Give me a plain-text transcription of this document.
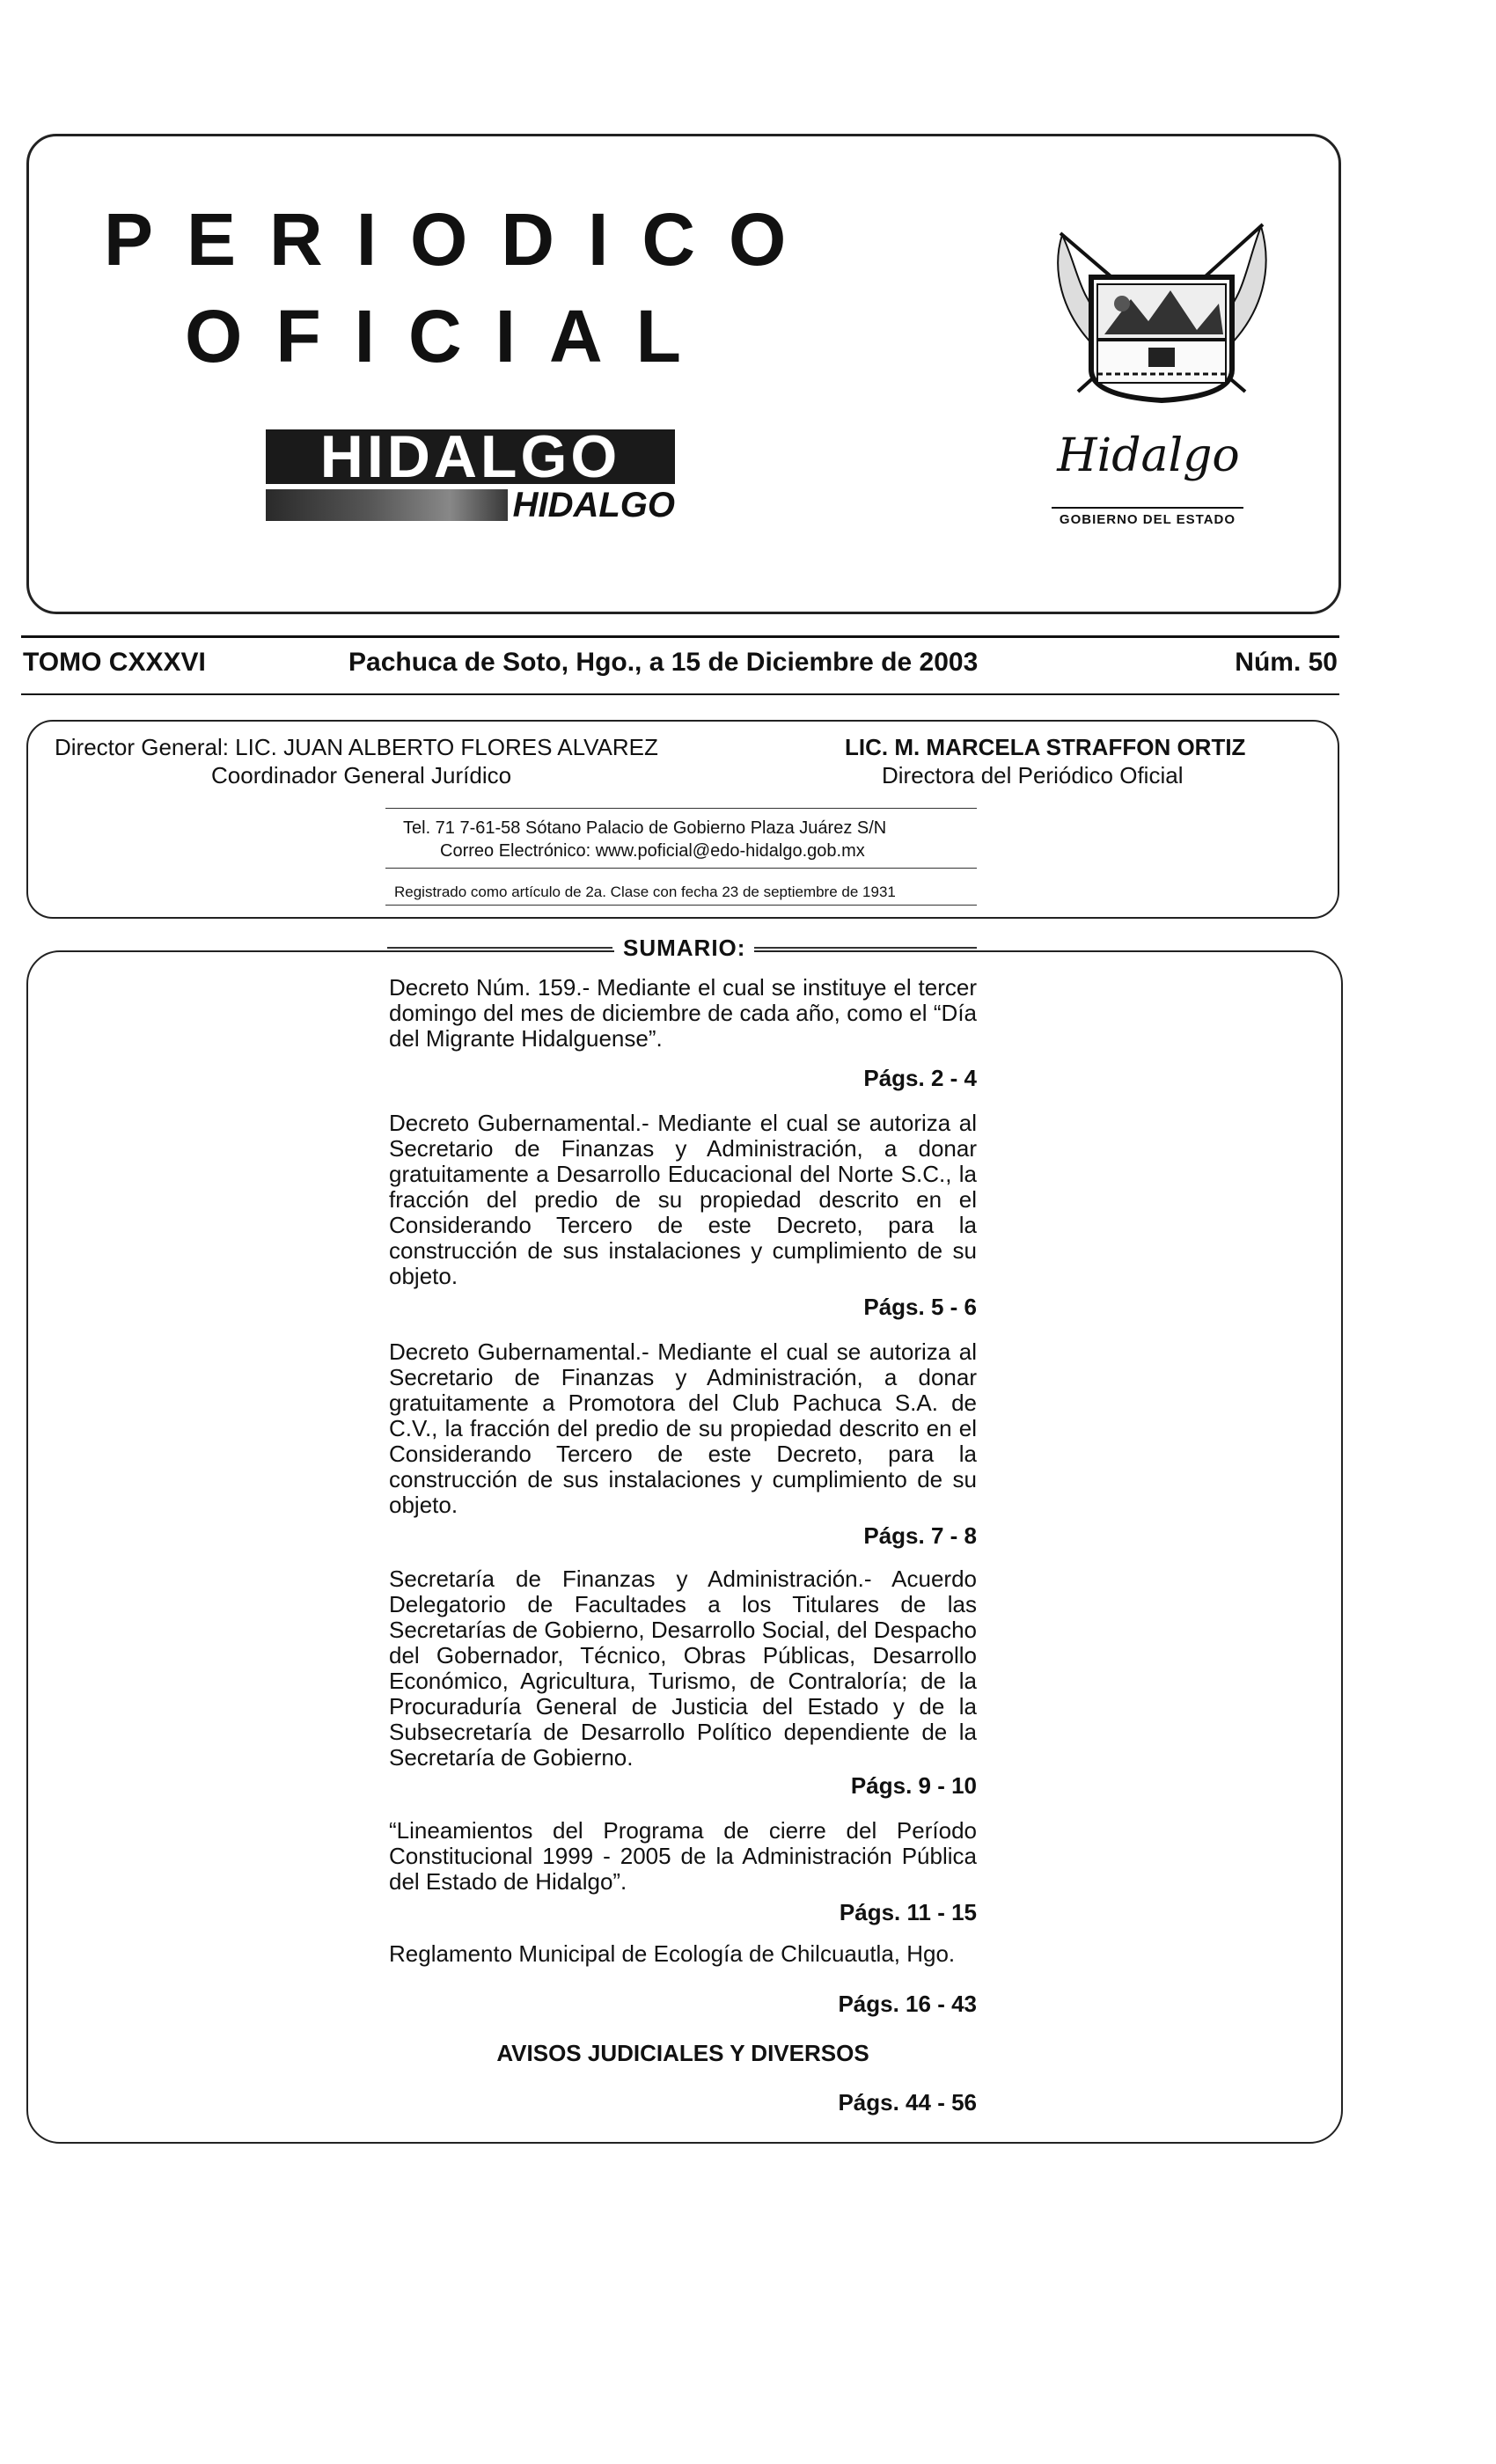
PERIODICO
OFICIAL
HIDALGO
HIDALGO
Hidalgo
GOBIERNO DEL ESTADO
TOMO CXXXVI	Pachuca de Soto, Hgo., a 15 de Diciembre de 2003	Núm. 50
Director General: LIC. JUAN ALBERTO FLORES ALVAREZ
Coordinador General Jurídico
LIC. M. MARCELA STRAFFON ORTIZ
Directora del Periódico Oficial
Tel. 71 7-61-58 Sótano Palacio de Gobierno Plaza Juárez S/N
Correo Electrónico: www.poficial@edo-hidalgo.gob.mx
Registrado como artículo de 2a. Clase con fecha 23 de septiembre de 1931
SUMARIO:
Decreto Núm. 159.- Mediante el cual se instituye el tercer domingo del mes de diciembre de cada año, como el “Día del Migrante Hidalguense”.
Págs. 2 - 4
Decreto Gubernamental.- Mediante el cual se autoriza al Secretario de Finanzas y Administración, a donar gratuitamente a Desarrollo Educacional del Norte S.C., la fracción del predio de su propiedad descrito en el Considerando Tercero de este Decreto, para la construcción de sus instalaciones y cumplimiento de su objeto.
Págs. 5 - 6
Decreto Gubernamental.- Mediante el cual se autoriza al Secretario de Finanzas y Administración, a donar gratuitamente a Promotora del Club Pachuca S.A. de C.V., la fracción del predio de su propiedad descrito en el Considerando Tercero de este Decreto, para la construcción de sus instalaciones y cumplimiento de su objeto.
Págs. 7 - 8
Secretaría de Finanzas y Administración.- Acuerdo Delegatorio de Facultades a los Titulares de las Secretarías de Gobierno, Desarrollo Social, del Despacho del Gobernador, Técnico, Obras Públicas, Desarrollo Económico, Agricultura, Turismo, de Contraloría; de la Procuraduría General de Justicia del Estado y de la Subsecretaría de Desarrollo Político dependiente de la Secretaría de Gobierno.
Págs. 9 - 10
“Lineamientos del Programa de cierre del Período Constitucional 1999 - 2005 de la Administración Pública del Estado de Hidalgo”.
Págs. 11 - 15
Reglamento Municipal de Ecología de Chilcuautla, Hgo.
Págs. 16 - 43
AVISOS JUDICIALES Y DIVERSOS
Págs. 44 - 56
